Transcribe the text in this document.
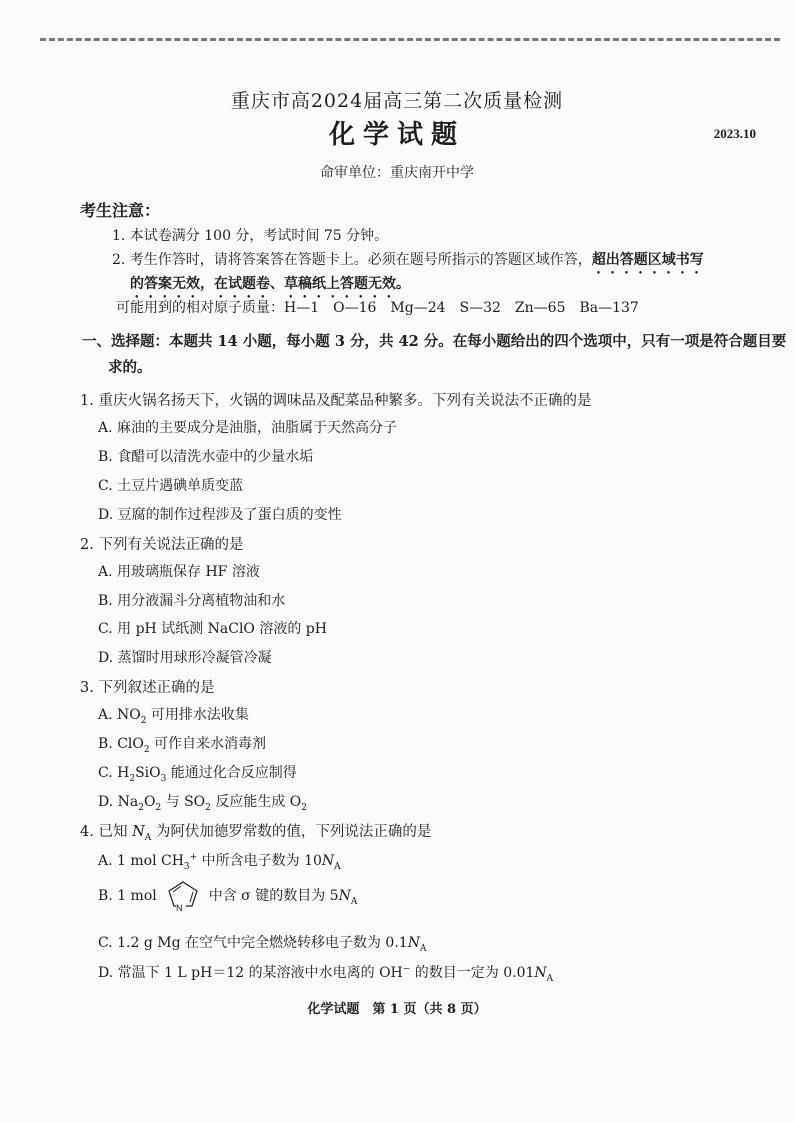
重庆市高2024届高三第二次质量检测
化学试题	2023.10
命审单位：重庆南开中学
考生注意：
1. 本试卷满分 100 分，考试时间 75 分钟。
2. 考生作答时，请将答案答在答题卡上。必须在题号所指示的答题区域作答，超出答题区域书写
的答案无效，在试题卷、草稿纸上答题无效。
可能用到的相对原子质量：H—1　O—16　Mg—24　S—32　Zn—65　Ba—137
一、选择题：本题共 14 小题，每小题 3 分，共 42 分。在每小题给出的四个选项中，只有一项是符合题目要
求的。
1. 重庆火锅名扬天下，火锅的调味品及配菜品种繁多。下列有关说法不正确的是
A. 麻油的主要成分是油脂，油脂属于天然高分子
B. 食醋可以清洗水壶中的少量水垢
C. 土豆片遇碘单质变蓝
D. 豆腐的制作过程涉及了蛋白质的变性
2. 下列有关说法正确的是
A. 用玻璃瓶保存 HF 溶液
B. 用分液漏斗分离植物油和水
C. 用 pH 试纸测 NaClO 溶液的 pH
D. 蒸馏时用球形冷凝管冷凝
3. 下列叙述正确的是
A. $NO_2$ 可用排水法收集
B. ClO$_2$ 可作自来水消毒剂
C. $H_2SiO_3$ 能通过化合反应制得
D. $Na_2O_2$ 与 $SO_2$ 反应能生成 $O_2$
4. 已知 $N_A$ 为阿伏加德罗常数的值，下列说法正确的是
A. 1 mol $CH_3^+$ 中所含电子数为 $10N_A$
B. 1 mol
N
中含 σ 键的数目为 $5N_A$
C. 1.2 g Mg 在空气中完全燃烧转移电子数为 $0.1N_A$
D. 常温下 1 L pH＝12 的某溶液中水电离的 OH− 的数目一定为 $0.01N_A$
化学试题　第 1 页（共 8 页）
